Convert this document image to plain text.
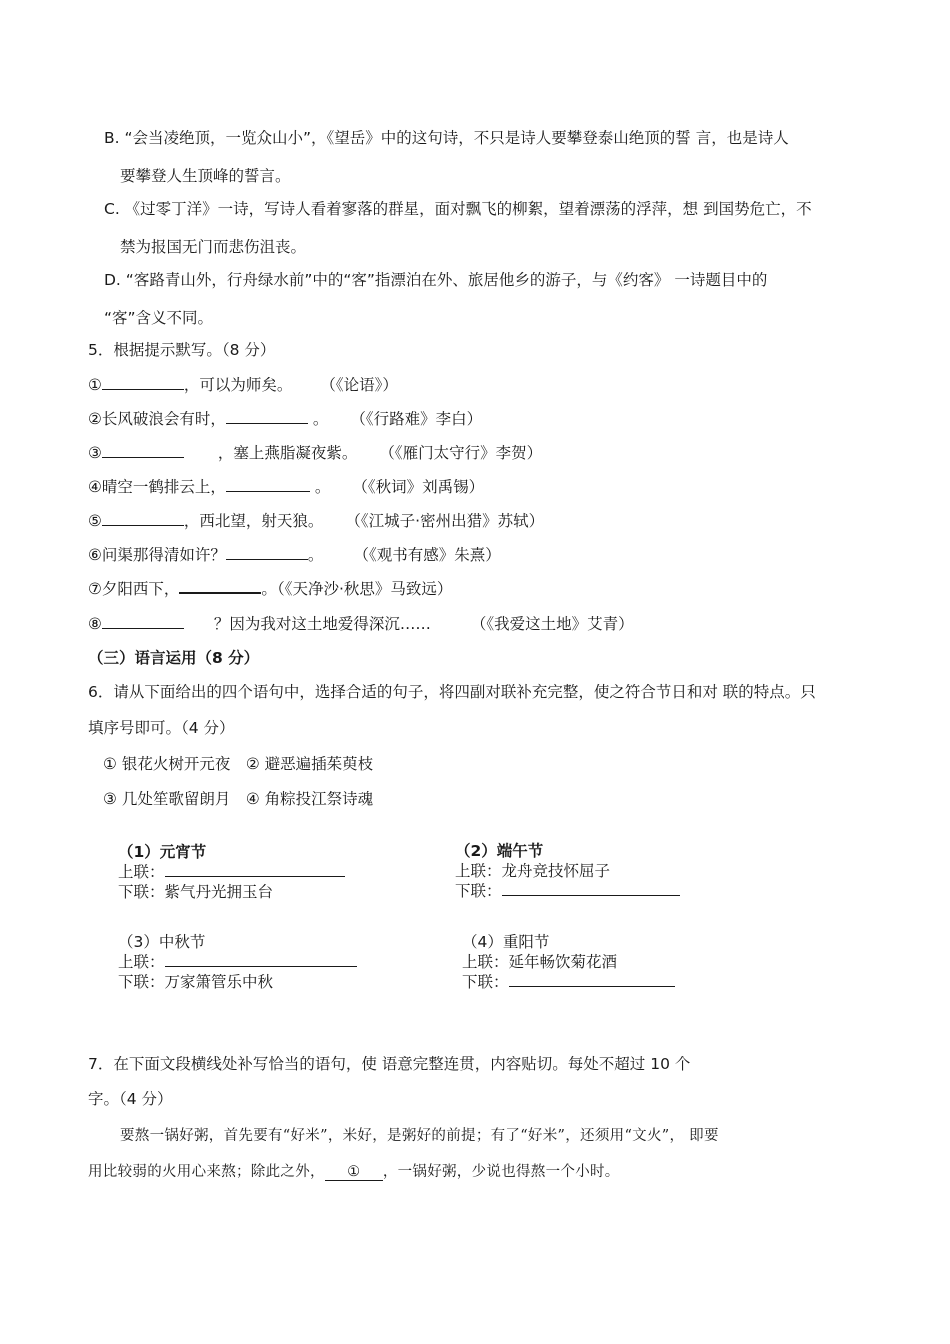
B. “会当凌绝顶，一览众山小”，《望岳》中的这句诗，不只是诗人要攀登泰山绝顶的誓 言，也是诗人
要攀登人生顶峰的誓言。
C. 《过零丁洋》一诗，写诗人看着寥落的群星，面对飘飞的柳絮，望着漂荡的浮萍，想 到国势危亡，不
禁为报国无门而悲伤沮丧。
D. “客路青山外，行舟绿水前”中的“客”指漂泊在外、旅居他乡的游子，与《约客》 一诗题目中的
“客”含义不同。
5．根据提示默写。（8 分）
①	，可以为师矣。 （《论语》）
②长风破浪会有时，	。 （《行路难》李白）
③	，塞上燕脂凝夜紫。 （《雁门太守行》李贺）
④晴空一鹤排云上，	。 （《秋词》刘禹锡）
⑤	，西北望，射天狼。 （《江城子·密州出猎》苏轼）
⑥问渠那得清如许？	。 （《观书有感》朱熹）
⑦夕阳西下，	。（《天净沙·秋思》马致远）
⑧	？因为我对这土地爱得深沉……	（《我爱这土地》艾青）
（三）语言运用（8 分）
6．请从下面给出的四个语句中，选择合适的句子，将四副对联补充完整，使之符合节日和对 联的特点。只
填序号即可。（4 分）
① 银花火树开元夜　② 避恶遍插茱萸枝
③ 几处笙歌留朗月　④ 角粽投江祭诗魂
（1）元宵节
上联：
下联：紫气丹光拥玉台
（2）端午节
上联：龙舟竞技怀屈子
下联：
（3）中秋节
上联：
下联：万家箫管乐中秋
（4）重阳节
上联：延年畅饮菊花酒
下联：
7．在下面文段横线处补写恰当的语句，使 语意完整连贯，内容贴切。每处不超过 10 个
字。（4 分）
要熬一锅好粥，首先要有“好米”，米好，是粥好的前提；有了“好米”，还须用“文火”， 即要
用比较弱的火用心来熬；除此之外， ① ，一锅好粥，少说也得熬一个小时。
